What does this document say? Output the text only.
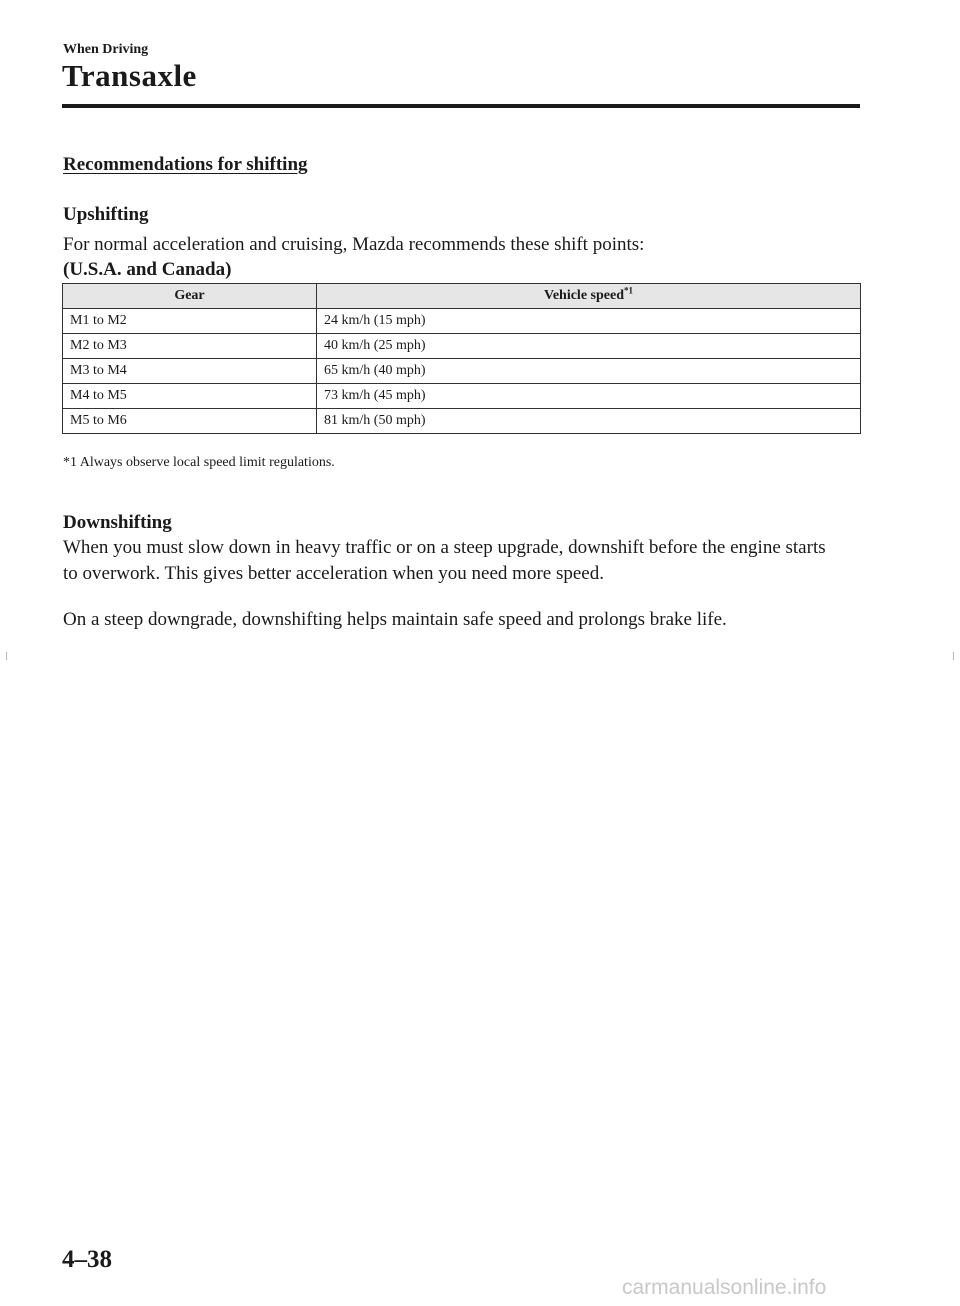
When Driving
Transaxle
Recommendations for shifting
Upshifting
For normal acceleration and cruising, Mazda recommends these shift points:
(U.S.A. and Canada)
Gear	Vehicle speed$^{*1}$
M1 to M2	24 km/h (15 mph)
M2 to M3	40 km/h (25 mph)
M3 to M4	65 km/h (40 mph)
M4 to M5	73 km/h (45 mph)
M5 to M6	81 km/h (50 mph)
*1 Always observe local speed limit regulations.
Downshifting
When you must slow down in heavy traffic or on a steep upgrade, downshift before the engine starts to overwork. This gives better acceleration when you need more speed.
On a steep downgrade, downshifting helps maintain safe speed and prolongs brake life.
4–38
carmanualsonline.info
